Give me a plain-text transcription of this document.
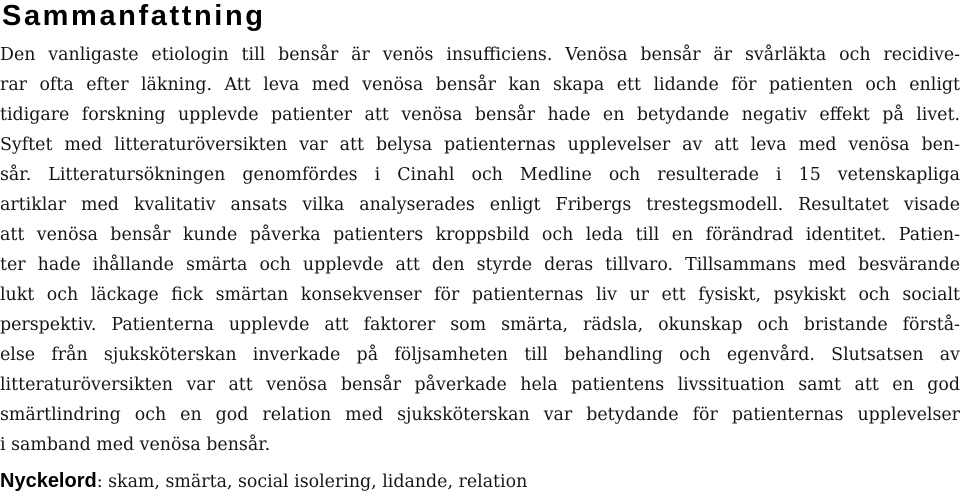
Sammanfattning
Den vanligaste etiologin till bensår är venös insufficiens. Venösa bensår är svårläkta och recidive-
rar ofta efter läkning. Att leva med venösa bensår kan skapa ett lidande för patienten och enligt
tidigare forskning upplevde patienter att venösa bensår hade en betydande negativ effekt på livet.
Syftet med litteraturöversikten var att belysa patienternas upplevelser av att leva med venösa ben-
sår. Litteratursökningen genomfördes i Cinahl och Medline och resulterade i 15 vetenskapliga
artiklar med kvalitativ ansats vilka analyserades enligt Fribergs trestegsmodell. Resultatet visade
att venösa bensår kunde påverka patienters kroppsbild och leda till en förändrad identitet. Patien-
ter hade ihållande smärta och upplevde att den styrde deras tillvaro. Tillsammans med besvärande
lukt och läckage fick smärtan konsekvenser för patienternas liv ur ett fysiskt, psykiskt och socialt
perspektiv. Patienterna upplevde att faktorer som smärta, rädsla, okunskap och bristande förstå-
else från sjuksköterskan inverkade på följsamheten till behandling och egenvård. Slutsatsen av
litteraturöversikten var att venösa bensår påverkade hela patientens livssituation samt att en god
smärtlindring och en god relation med sjuksköterskan var betydande för patienternas upplevelser
i samband med venösa bensår.

Nyckelord: skam, smärta, social isolering, lidande, relation
